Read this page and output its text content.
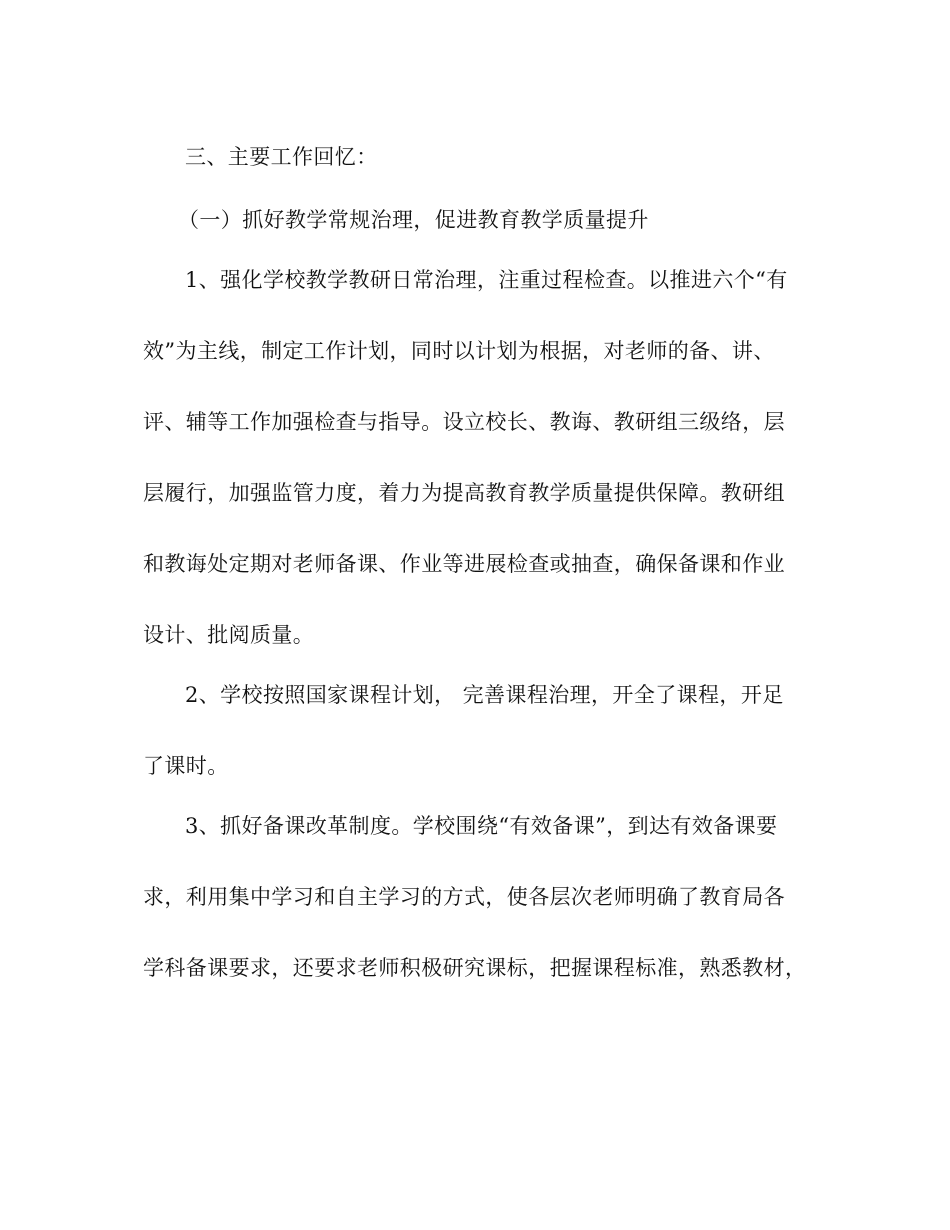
三、主要工作回忆：
（一）抓好教学常规治理，促进教育教学质量提升
1、强化学校教学教研日常治理，注重过程检查。以推进六个“有
效”为主线，制定工作计划，同时以计划为根据，对老师的备、讲、
评、辅等工作加强检查与指导。设立校长、教诲、教研组三级络，层
层履行，加强监管力度，着力为提高教育教学质量提供保障。教研组
和教诲处定期对老师备课、作业等进展检查或抽查，确保备课和作业
设计、批阅质量。
2、学校按照国家课程计划， 完善课程治理，开全了课程，开足
了课时。
3、抓好备课改革制度。学校围绕“有效备课”，到达有效备课要
求，利用集中学习和自主学习的方式，使各层次老师明确了教育局各
学科备课要求，还要求老师积极研究课标，把握课程标准，熟悉教材，
